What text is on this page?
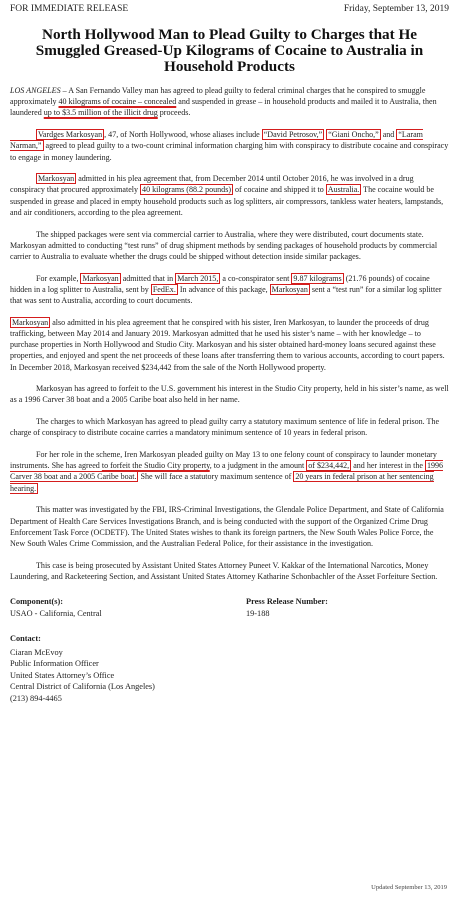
FOR IMMEDIATE RELEASE	Friday, September 13, 2019
North Hollywood Man to Plead Guilty to Charges that He Smuggled Greased-Up Kilograms of Cocaine to Australia in Household Products

LOS ANGELES – A San Fernando Valley man has agreed to plead guilty to federal criminal charges that he conspired to smuggle approximately 40 kilograms of cocaine – concealed and suspended in grease – in household products and mailed it to Australia, then laundered up to $3.5 million of the illicit drug proceeds.

Vardges Markosyan , 47, of North Hollywood, whose aliases include “David Petrosov,” “Giani Oncho,” and “Laram Narman,” agreed to plead guilty to a two-count criminal information charging him with conspiracy to distribute cocaine and conspiracy to engage in money laundering.

Markosyan admitted in his plea agreement that, from December 2014 until October 2016, he was involved in a drug conspiracy that procured approximately 40 kilograms (88.2 pounds) of cocaine and shipped it to Australia. The cocaine would be suspended in grease and placed in empty household products such as log splitters, air compressors, tankless water heaters, lampstands, and air conditioners, according to the plea agreement.

The shipped packages were sent via commercial carrier to Australia, where they were distributed, court documents state. Markosyan admitted to conducting “test runs” of drug shipment methods by sending packages of household products by commercial carrier to Australia to evaluate whether the drugs could be shipped without detection inside similar packages.

For example, Markosyan admitted that in March 2015, a co-conspirator sent 9.87 kilograms (21.76 pounds) of cocaine hidden in a log splitter to Australia, sent by FedEx. In advance of this package, Markosyan sent a “test run” for a similar log splitter that was sent to Australia, according to court documents.

Markosyan also admitted in his plea agreement that he conspired with his sister, Iren Markosyan, to launder the proceeds of drug trafficking, between May 2014 and January 2019. Markosyan admitted that he used his sister’s name – with her knowledge – to purchase properties in North Hollywood and Studio City. Markosyan and his sister obtained hard-money loans secured against these properties, and enjoyed and spent the net proceeds of these loans after transferring them to various accounts, according to court papers. In December 2018, Markosyan received $234,442 from the sale of the North Hollywood property.

Markosyan has agreed to forfeit to the U.S. government his interest in the Studio City property, held in his sister’s name, as well as a 1996 Carver 38 boat and a 2005 Caribe boat also held in her name.

The charges to which Markosyan has agreed to plead guilty carry a statutory maximum sentence of life in federal prison. The charge of conspiracy to distribute cocaine carries a mandatory minimum sentence of 10 years in federal prison.

For her role in the scheme, Iren Markosyan pleaded guilty on May 13 to one felony count of conspiracy to launder monetary instruments. She has agreed to forfeit the Studio City property, to a judgment in the amount of $234,442, and her interest in the 1996 Carver 38 boat and a 2005 Caribe boat. She will face a statutory maximum sentence of 20 years in federal prison at her sentencing hearing.

This matter was investigated by the FBI, IRS-Criminal Investigations, the Glendale Police Department, and State of California Department of Health Care Services Investigations Branch, and is being conducted with the support of the Organized Crime Drug Enforcement Task Force (OCDETF). The United States wishes to thank its foreign partners, the New South Wales Police Force, the New South Wales Crime Commission, and the Australian Federal Police, for their assistance in the investigation.

This case is being prosecuted by Assistant United States Attorney Puneet V. Kakkar of the International Narcotics, Money Laundering, and Racketeering Section, and Assistant United States Attorney Katharine Schonbachler of the Asset Forfeiture Section.

Component(s):
USAO - California, Central
Press Release Number:
19-188
Contact:
Ciaran McEvoy
Public Information Officer
United States Attorney’s Office
Central District of California (Los Angeles)
(213) 894-4465
Updated September 13, 2019
